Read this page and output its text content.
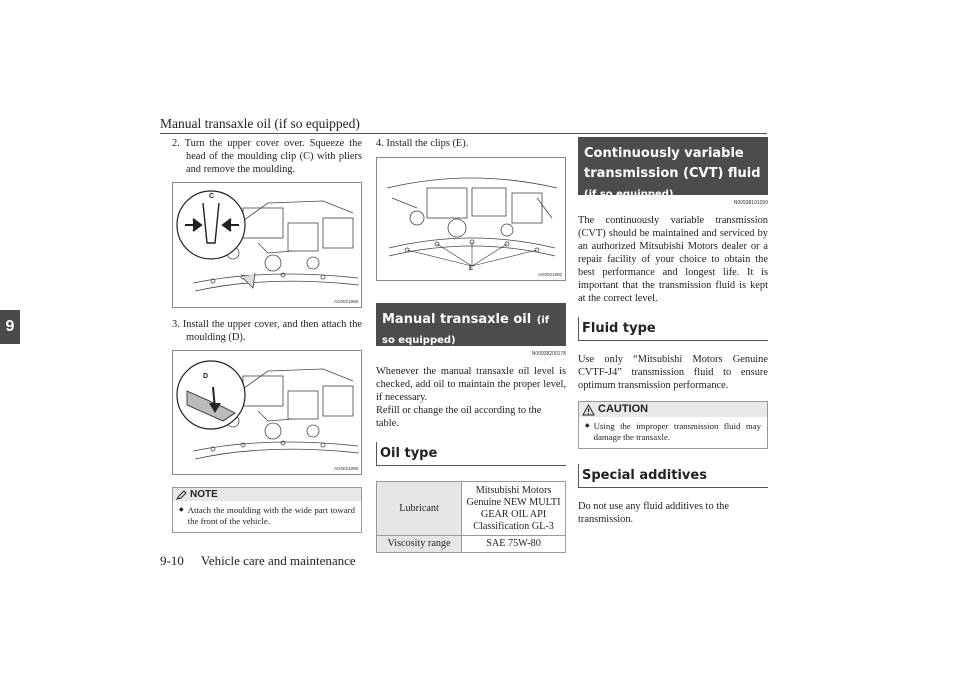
Manual transaxle oil (if so equipped)
9

2. Turn the upper cover over. Squeeze the head of the moulding clip (C) with pliers and remove the moulding.

C
AG0021898

3. Install the upper cover, and then attach the moulding (D).

D
AG0021899
NOTE
◆ Attach the moulding with the wide part toward the front of the vehicle.

4. Install the clips (E).

E
AG0021900
Manual transaxle oil (if so equipped)
N00938200178

Whenever the manual transaxle oil level is checked, add oil to maintain the proper level, if necessary.

Refill or change the oil according to the table.

Oil type
Lubricant	Mitsubishi Motors Genuine NEW MULTI GEAR OIL API Classification GL-3
Viscosity range	SAE 75W-80
Continuously variable transmission (CVT) fluid (if so equipped)
N00938101099

The continuously variable transmission (CVT) should be maintained and serviced by an authorized Mitsubishi Motors dealer or a repair facility of your choice to obtain the best performance and longest life. It is important that the transmission fluid is kept at the correct level.

Fluid type

Use only “Mitsubishi Motors Genuine CVTF-J4” transmission fluid to ensure optimum transmission performance.

CAUTION
◆ Using the improper transmission fluid may damage the transaxle.
Special additives

Do not use any fluid additives to the transmission.

9-10 Vehicle care and maintenance
